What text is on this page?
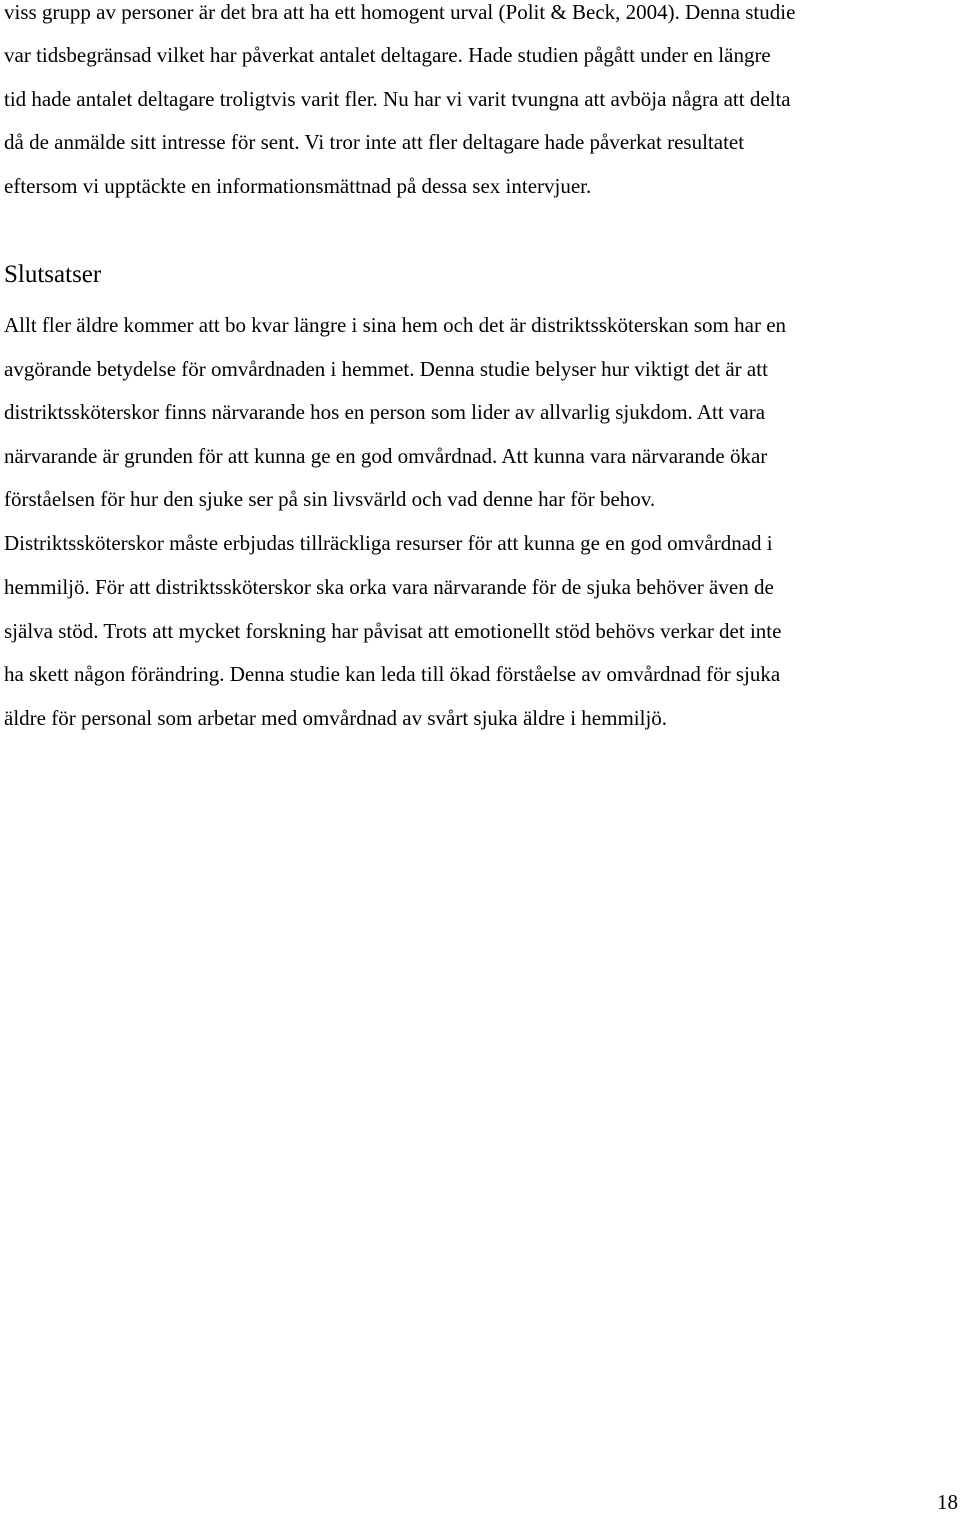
viss grupp av personer är det bra att ha ett homogent urval (Polit & Beck, 2004). Denna studie
var tidsbegränsad vilket har påverkat antalet deltagare. Hade studien pågått under en längre
tid hade antalet deltagare troligtvis varit fler. Nu har vi varit tvungna att avböja några att delta
då de anmälde sitt intresse för sent. Vi tror inte att fler deltagare hade påverkat resultatet
eftersom vi upptäckte en informationsmättnad på dessa sex intervjuer.
Slutsatser
Allt fler äldre kommer att bo kvar längre i sina hem och det är distriktssköterskan som har en
avgörande betydelse för omvårdnaden i hemmet. Denna studie belyser hur viktigt det är att
distriktssköterskor finns närvarande hos en person som lider av allvarlig sjukdom. Att vara
närvarande är grunden för att kunna ge en god omvårdnad. Att kunna vara närvarande ökar
förståelsen för hur den sjuke ser på sin livsvärld och vad denne har för behov.
Distriktssköterskor måste erbjudas tillräckliga resurser för att kunna ge en god omvårdnad i
hemmiljö. För att distriktssköterskor ska orka vara närvarande för de sjuka behöver även de
själva stöd. Trots att mycket forskning har påvisat att emotionellt stöd behövs verkar det inte
ha skett någon förändring. Denna studie kan leda till ökad förståelse av omvårdnad för sjuka
äldre för personal som arbetar med omvårdnad av svårt sjuka äldre i hemmiljö.
18
